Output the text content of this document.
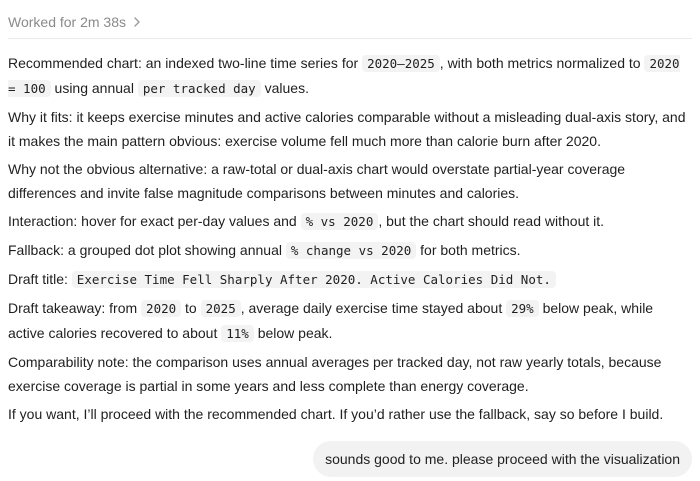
Worked for 2m 38s

Recommended chart: an indexed two-line time series for 2020–2025 , with both metrics normalized to 2020 = 100 using annual per tracked day values.

Why it fits: it keeps exercise minutes and active calories comparable without a misleading dual-axis story, and it makes the main pattern obvious: exercise volume fell much more than calorie burn after 2020.

Why not the obvious alternative: a raw-total or dual-axis chart would overstate partial-year coverage differences and invite false magnitude comparisons between minutes and calories.

Interaction: hover for exact per-day values and % vs 2020 , but the chart should read without it.

Fallback: a grouped dot plot showing annual % change vs 2020 for both metrics.

Draft title: Exercise Time Fell Sharply After 2020. Active Calories Did Not.

Draft takeaway: from 2020 to 2025 , average daily exercise time stayed about 29% below peak, while active calories recovered to about 11% below peak.

Comparability note: the comparison uses annual averages per tracked day, not raw yearly totals, because exercise coverage is partial in some years and less complete than energy coverage.

If you want, I’ll proceed with the recommended chart. If you’d rather use the fallback, say so before I build.

sounds good to me. please proceed with the visualization
